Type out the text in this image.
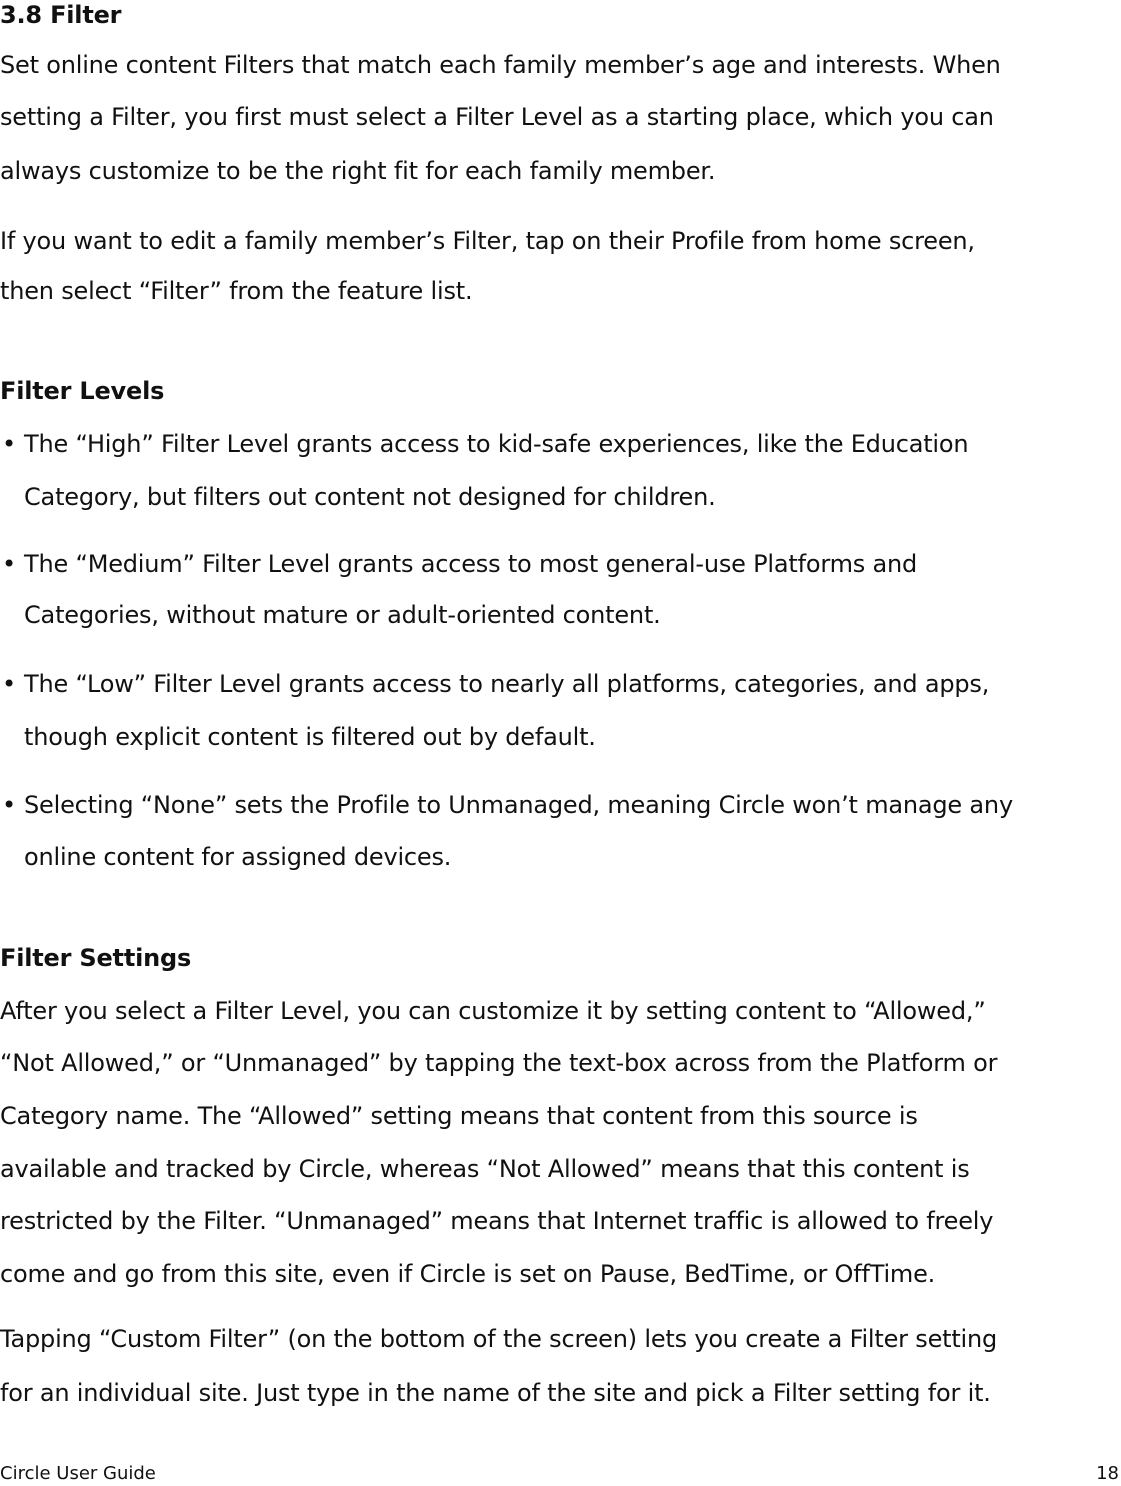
3.8 Filter
Set online content Filters that match each family member’s age and interests. When
setting a Filter, you first must select a Filter Level as a starting place, which you can
always customize to be the right fit for each family member.
If you want to edit a family member’s Filter, tap on their Profile from home screen,
then select “Filter” from the feature list.
Filter Levels
• The “High” Filter Level grants access to kid-safe experiences, like the Education
Category, but filters out content not designed for children.
• The “Medium” Filter Level grants access to most general-use Platforms and
Categories, without mature or adult-oriented content.
• The “Low” Filter Level grants access to nearly all platforms, categories, and apps,
though explicit content is filtered out by default.
• Selecting “None” sets the Profile to Unmanaged, meaning Circle won’t manage any
online content for assigned devices.
Filter Settings
After you select a Filter Level, you can customize it by setting content to “Allowed,”
“Not Allowed,” or “Unmanaged” by tapping the text-box across from the Platform or
Category name. The “Allowed” setting means that content from this source is
available and tracked by Circle, whereas “Not Allowed” means that this content is
restricted by the Filter. “Unmanaged” means that Internet traffic is allowed to freely
come and go from this site, even if Circle is set on Pause, BedTime, or OffTime.
Tapping “Custom Filter” (on the bottom of the screen) lets you create a Filter setting
for an individual site. Just type in the name of the site and pick a Filter setting for it.
Circle User Guide	18
